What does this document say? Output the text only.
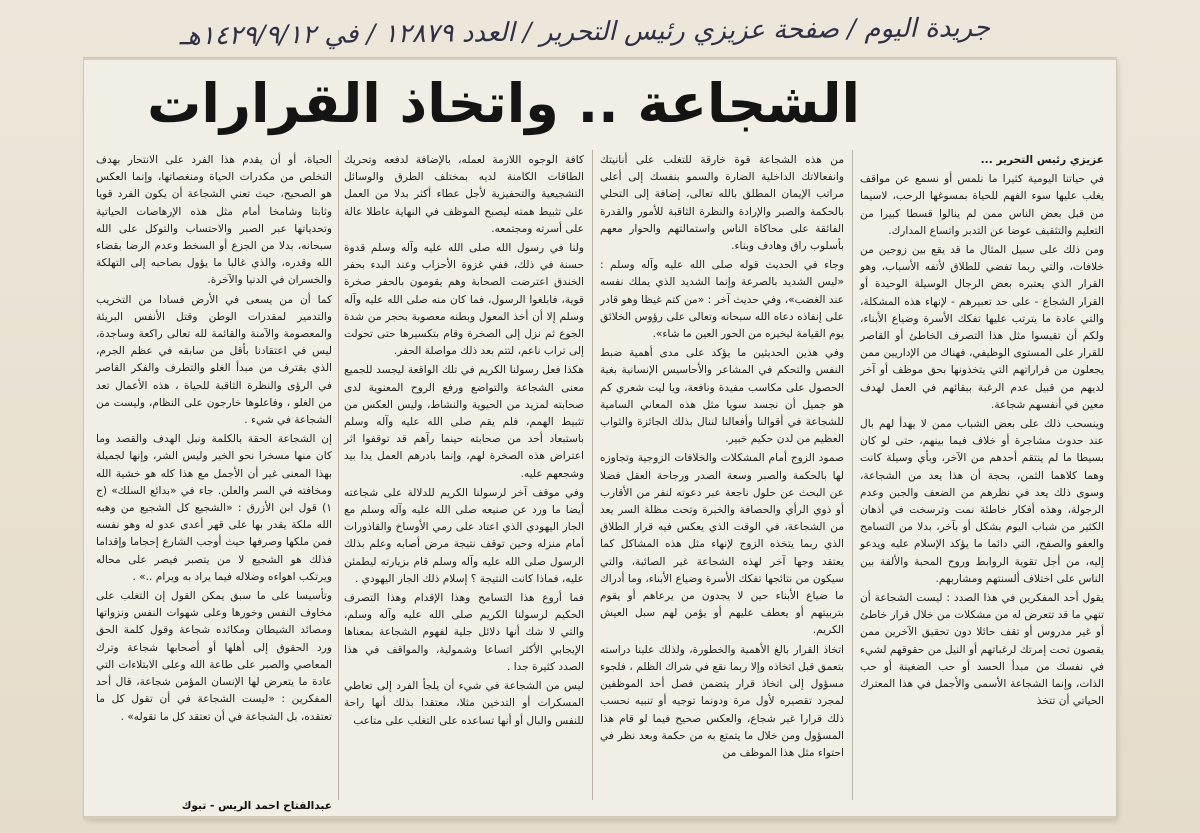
جريدة اليوم / صفحة عزيزي رئيس التحرير / العدد ١٢٨٧٩ / في ١٤٢٩/٩/١٢هـ
الشجاعة .. واتخاذ القرارات

عزيزي رئيس التحرير ...

في حياتنا اليومية كثيرا ما نلمس أو نسمع عن مواقف يغلب عليها سوء الفهم للحياة بمسوغها الرحب، لاسيما من قبل بعض الناس ممن لم ينالوا قسطا كبيرا من التعليم والتثقيف عوضا عن التدبر واتساع المدارك.

ومن ذلك على سبيل المثال ما قد يقع بين زوجين من خلافات، والتي ربما تفضي للطلاق لأتفه الأسباب، وهو القرار الذي يعتبره بعض الرجال الوسيلة الوحيدة أو القرار الشجاع - على حد تعبيرهم - لإنهاء هذه المشكلة، والتي عادة ما يترتب عليها تفكك الأسرة وضياع الأبناء، ولكم أن تقيسوا مثل هذا التصرف الخاطئ أو القاصر للقرار على المستوى الوظيفي، فهناك من الإداريين ممن يجعلون من قراراتهم التي يتخذونها بحق موظف أو آخر لديهم من قبيل عدم الرغبة ببقائهم في العمل لهدف معين في أنفسهم شجاعة.

وينسحب ذلك على بعض الشباب ممن لا يهدأ لهم بال عند حدوث مشاجرة أو خلاف فيما بينهم، حتى لو كان بسيطا ما لم ينتقم أحدهم من الآخر، وبأي وسيلة كانت وهما كلاهما الثمن، بحجة أن هذا يعد من الشجاعة، وسوى ذلك يعد في نظرهم من الضعف والجبن وعدم الرجولة، وهذه أفكار خاطئة نمت وترسخت في أذهان الكثير من شباب اليوم بشكل أو بآخر، بدلا من التسامح والعفو والصفح، التي دائما ما يؤكد الإسلام عليه ويدعو إليه، من أجل تقوية الروابط وروح المحبة والألفة بين الناس على اختلاف ألسنتهم ومشاربهم.

يقول أحد المفكرين في هذا الصدد : ليست الشجاعة أن تنهي ما قد تتعرض له من مشكلات من خلال قرار خاطئ أو غير مدروس أو تقف حائلا دون تحقيق الآخرين ممن يقصون تحت إمرتك لرغباتهم أو النيل من حقوقهم لشيء في نفسك من مبدأ الحسد أو حب الضغينة أو حب الذات، وإنما الشجاعة الأسمى والأجمل في هذا المعترك الحياتي أن تتخذ

من هذه الشجاعة قوة خارقة للتغلب على أنانيتك وانفعالاتك الداخلية الضارة والسمو بنفسك إلى أعلى مراتب الإيمان المطلق بالله تعالى، إضافة إلى التحلي بالحكمة والصبر والإرادة والنظرة الثاقبة للأمور والقدرة الفائقة على محاكاة الناس واستمالتهم والحوار معهم بأسلوب راق وهادف وبناء.

وجاء في الحديث قوله صلى الله عليه وآله وسلم : «ليس الشديد بالصرعة وإنما الشديد الذي يملك نفسه عند الغضب»، وفي حديث آخر : «من كتم غيظا وهو قادر على إنفاذه دعاه الله سبحانه وتعالى على رؤوس الخلائق يوم القيامة ليخيره من الحور العين ما شاء».

وفي هذين الحديثين ما يؤكد على مدى أهمية ضبط النفس والتحكم في المشاعر والأحاسيس الإنسانية بغية الحصول على مكاسب مفيدة ونافعة، ويا ليت شعري كم هو جميل أن نجسد سويا مثل هذه المعاني السامية للشجاعة في أقوالنا وأفعالنا لننال بذلك الجائزة والثواب العظيم من لدن حكيم خبير.

صمود الزوج أمام المشكلات والخلافات الزوجية وتجاوزه لها بالحكمة والصبر وسعة الصدر ورجاحة العقل فضلا عن البحث عن حلول ناجعة عبر دعوته لنفر من الأقارب أو ذوي الرأي والحصافة والخبرة وتحت مظلة السر يعد من الشجاعة، في الوقت الذي يعكس فيه قرار الطلاق الذي ربما يتخذه الزوج لإنهاء مثل هذه المشاكل كما يعتقد وجها آخر لهذه الشجاعة غير الصائبة، والتي سيكون من نتائجها تفكك الأسرة وضياع الأبناء، وما أدراك ما ضياع الأبناء حين لا يجدون من يرعاهم أو يقوم بتربيتهم أو يعطف عليهم أو يؤمن لهم سبل العيش الكريم.

اتخاذ القرار بالغ الأهمية والخطورة، ولذلك علينا دراسته بتعمق قبل اتخاذه وإلا ربما نقع في شراك الظلم ، فلجوء مسؤول إلى اتخاذ قرار يتضمن فصل أحد الموظفين لمجرد تقصيره لأول مرة ودونما توجيه أو تنبيه نحسب ذلك قرارا غير شجاع، والعكس صحيح فيما لو قام هذا المسؤول ومن خلال ما يتمتع به من حكمة وبعد نظر في احتواء مثل هذا الموظف من

كافة الوجوه اللازمة لعمله، بالإضافة لدفعه وتحريك الطاقات الكامنة لديه بمختلف الطرق والوسائل التشجيعية والتحفيزية لأجل عطاء أكثر بدلا من العمل على تثبيط همته ليصبح الموظف في النهاية عاطلا عالة على أسرته ومجتمعه.

ولنا في رسول الله صلى الله عليه وآله وسلم قدوة حسنة في ذلك، ففي غزوة الأحزاب وعند البدء بحفر الخندق اعترضت الصحابة وهم يقومون بالحفر صخرة قوية، فابلغوا الرسول، فما كان منه صلى الله عليه وآله وسلم إلا أن أخذ المعول وبطنه معصوبة بحجر من شدة الجوع ثم نزل إلى الصخرة وقام بتكسيرها حتى تحولت إلى تراب ناعم، لتتم بعد ذلك مواصلة الحفر.

هكذا فعل رسولنا الكريم في تلك الواقعة ليجسد للجميع معنى الشجاعة والتواضع ورفع الروح المعنوية لدى صحابته لمزيد من الحيوية والنشاط، وليس العكس من تثبيط الهمم، فلم يقم صلى الله عليه وآله وسلم باستبعاد أحد من صحابته حينما رآهم قد توقفوا اثر اعتراض هذه الصخرة لهم، وإنما بادرهم العمل يدا بيد وشجعهم عليه.

وفي موقف آخر لرسولنا الكريم للدلالة على شجاعته أيضا ما ورد عن صنيعه صلى الله عليه وآله وسلم مع الجار اليهودي الذي اعتاد على رمي الأوساخ والقاذورات أمام منزله وحين توقف نتيجة مرض أصابه وعلم بذلك الرسول صلى الله عليه وآله وسلم قام بزيارته ليطمئن عليه، فماذا كانت النتيجة ؟ إسلام ذلك الجار اليهودي .

فما أروع هذا التسامح وهذا الإقدام وهذا التصرف الحكيم لرسولنا الكريم صلى الله عليه وآله وسلم، والتي لا شك أنها دلائل جلية لفهوم الشجاعة بمعناها الإيجابي الأكثر اتساعا وشمولية، والمواقف في هذا الصدد كثيرة جدا .

ليس من الشجاعة في شيء أن يلجأ الفرد إلى تعاطي المسكرات أو التدخين مثلا، معتقدا بذلك أنها راحة للنفس والبال أو أنها تساعده على التغلب على متاعب

الحياة، أو أن يقدم هذا الفرد على الانتحار بهدف التخلص من مكدرات الحياة ومنغصاتها، وإنما العكس هو الصحيح، حيث تعني الشجاعة أن يكون الفرد قويا وثابتا وشامخا أمام مثل هذه الإرهاصات الحياتية وتحدياتها عبر الصبر والاحتساب والتوكل على الله سبحانه، بدلا من الجزع أو السخط وعدم الرضا بقضاء الله وقدره، والذي غالبا ما يؤول بصاحبه إلى التهلكة والخسران في الدنيا والآخرة.

كما أن من يسعى في الأرض فسادا من التخريب والتدمير لمقدرات الوطن وقتل الأنفس البريئة والمعصومة والآمنة والقائمة لله تعالى راكعة وساجدة، ليس في اعتقادنا بأقل من سابقه في عظم الجرم، الذي يقترف من مبدأ الغلو والتطرف والفكر القاصر في الرؤى والنظرة الثاقبة للحياة ، هذه الأعمال تعد من الغلو ، وفاعلوها خارجون على النظام، وليست من الشجاعة في شيء .

إن الشجاعة الحقة بالكلمة ونبل الهدف والقصد وما كان منها مسخرا نحو الخير وليس الشر، وإنها لجميلة بهذا المعنى غير أن الأجمل مع هذا كله هو خشية الله ومخافته في السر والعلن. جاء في «بدائع السلك» (ج ١) قول ابن الأزرق : «الشجيع كل الشجيع من وهبه الله ملكة يقدر بها على قهر أعدى عدو له وهو نفسه فمن ملكها وصرفها حيث أوجب الشارع إحجاما وإقداما فذلك هو الشجيع لا من يتصبر فيصر على محاله ويرتكب اهواءه وضلاله فيما يراد به ويرام ..» .

وتأسيسا على ما سبق يمكن القول إن التغلب على مخاوف النفس وخورها وعلى شهوات النفس ونزواتها ومصائد الشيطان ومكائده شجاعة وقول كلمة الحق ورد الحقوق إلى أهلها أو أصحابها شجاعة وترك المعاصي والصبر على طاعة الله وعلى الابتلاءات التي عادة ما يتعرض لها الإنسان المؤمن شجاعة، قال أحد المفكرين : «ليست الشجاعة في أن تقول كل ما تعتقده، بل الشجاعة في أن تعتقد كل ما تقوله» .

عبدالفتاح احمد الريس - تبوك
